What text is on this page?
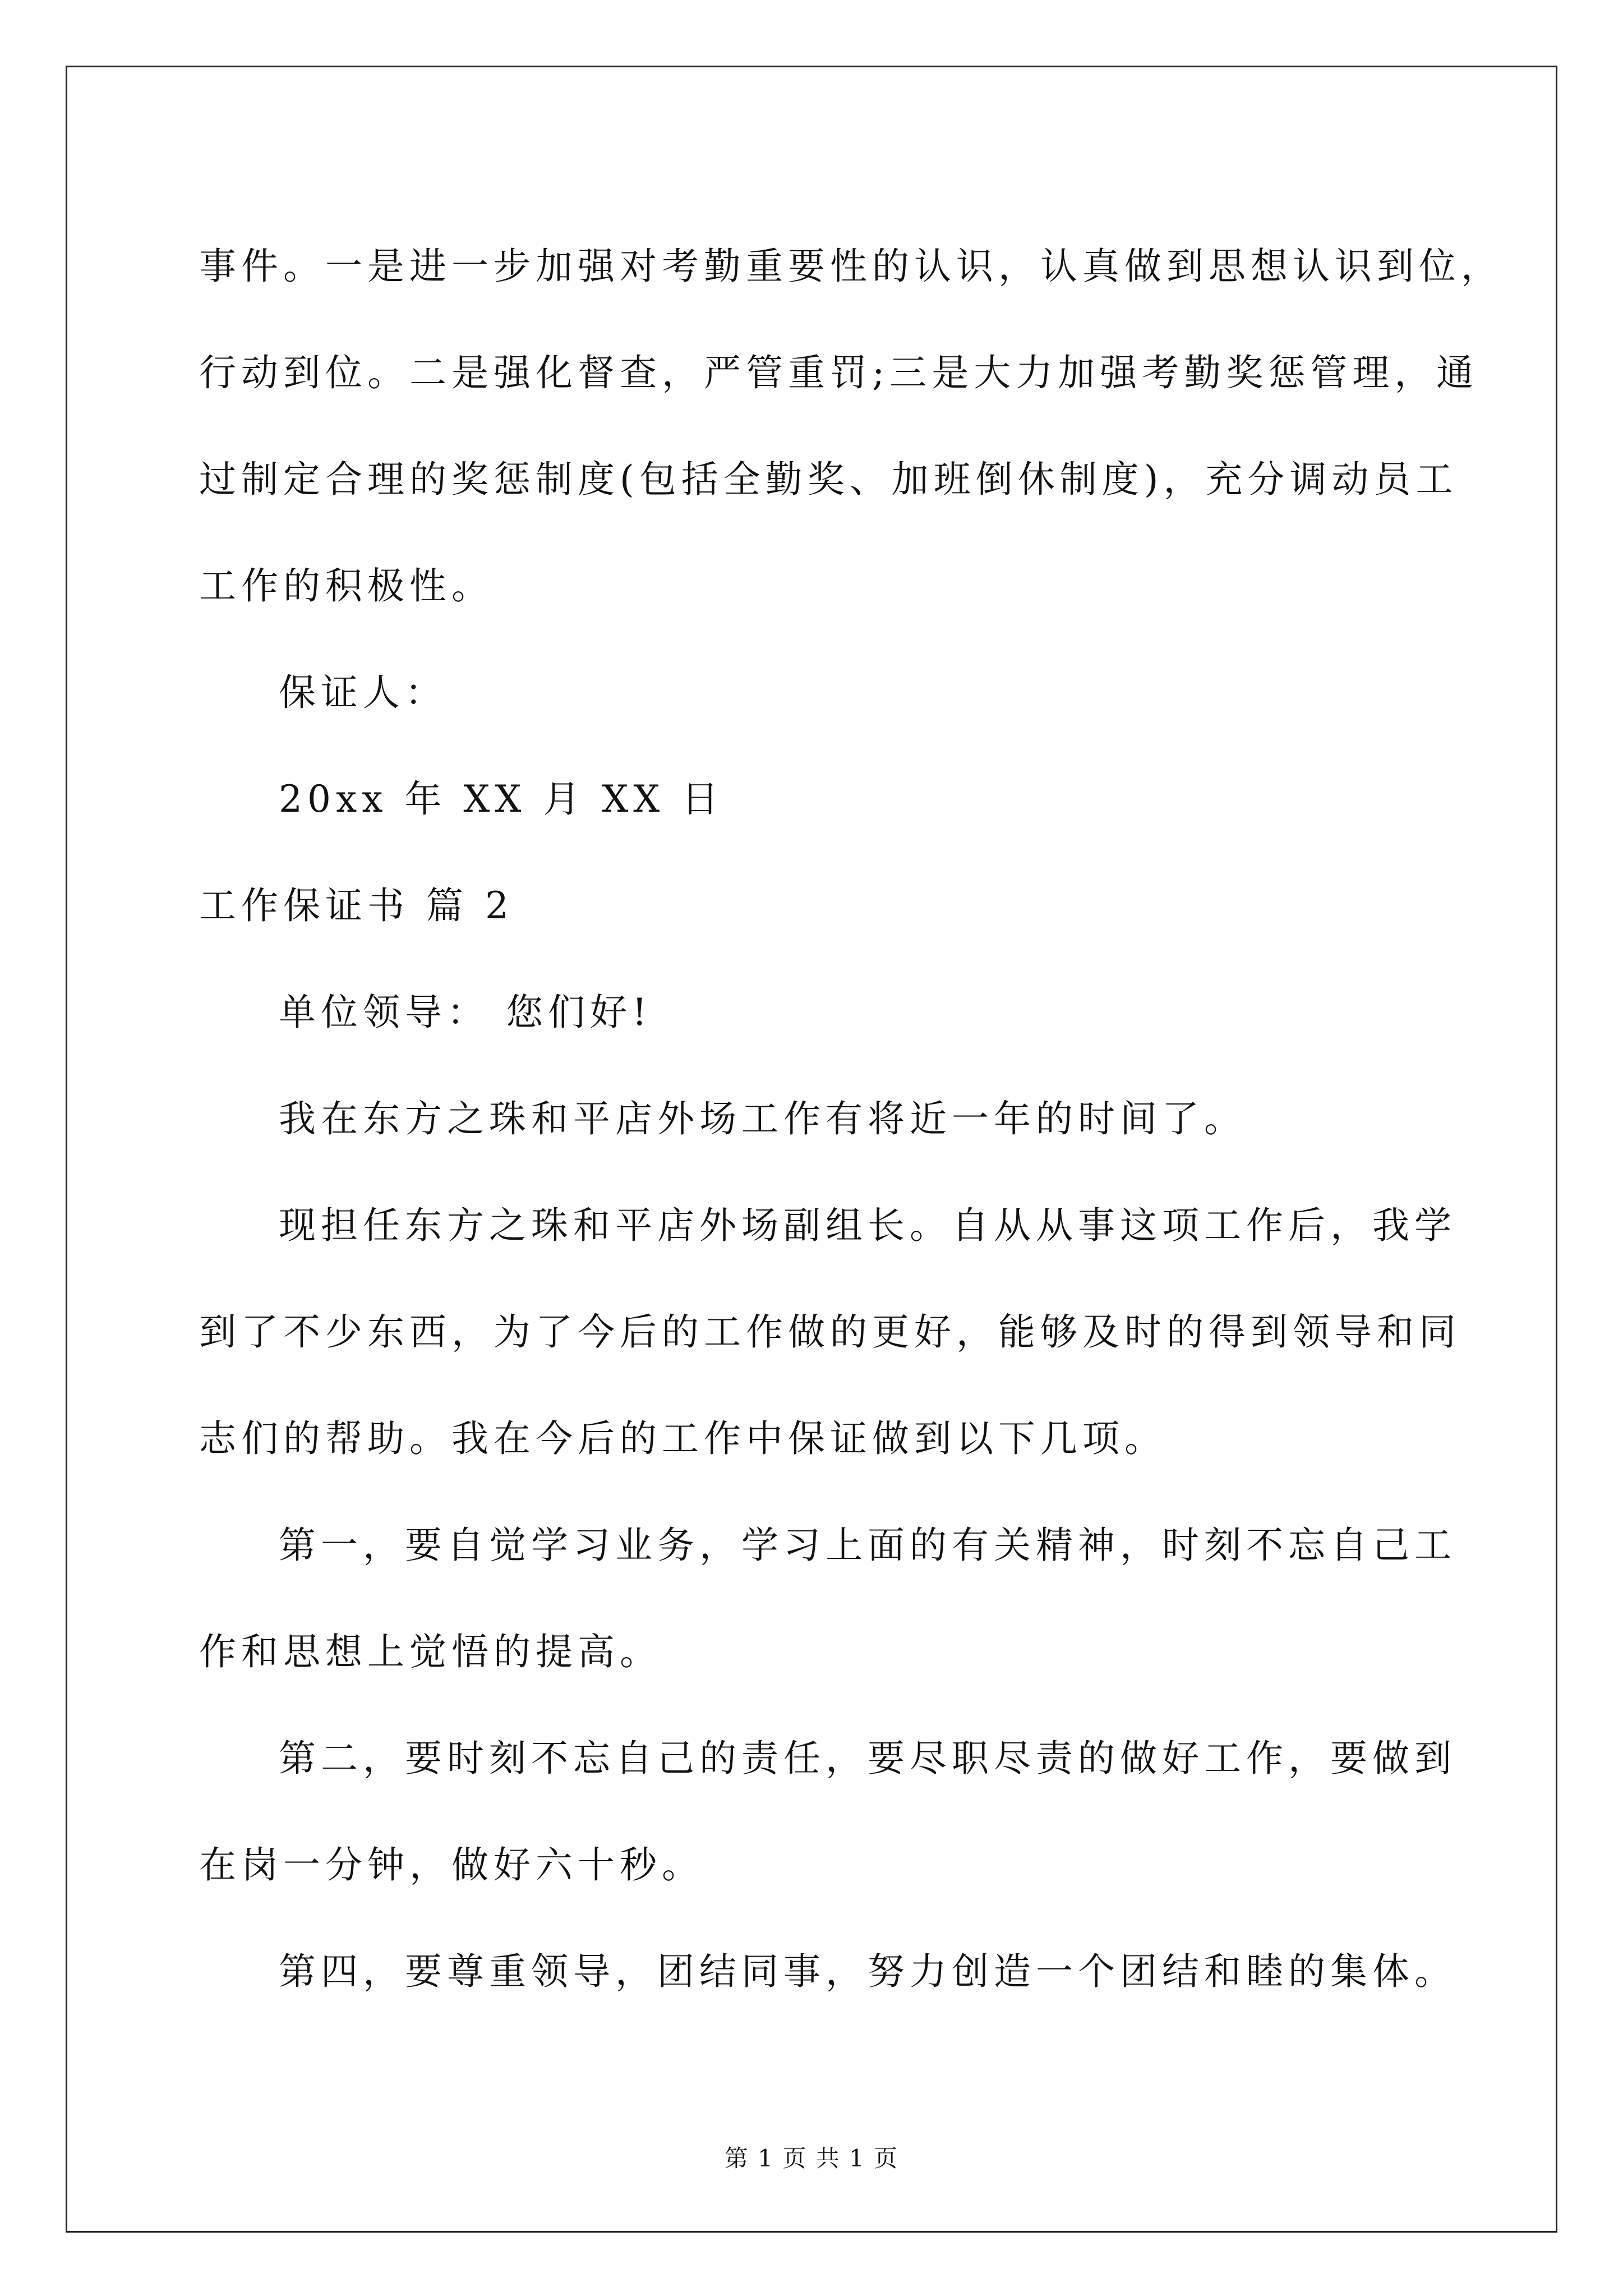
事件。一是进一步加强对考勤重要性的认识，认真做到思想认识到位，
行动到位。二是强化督查，严管重罚;三是大力加强考勤奖惩管理，通
过制定合理的奖惩制度(包括全勤奖、加班倒休制度)，充分调动员工
工作的积极性。
保证人：
20xx 年 XX 月 XX 日
工作保证书 篇 2
单位领导： 您们好!
我在东方之珠和平店外场工作有将近一年的时间了。
现担任东方之珠和平店外场副组长。自从从事这项工作后，我学
到了不少东西，为了今后的工作做的更好，能够及时的得到领导和同
志们的帮助。我在今后的工作中保证做到以下几项。
第一，要自觉学习业务，学习上面的有关精神，时刻不忘自己工
作和思想上觉悟的提高。
第二，要时刻不忘自己的责任，要尽职尽责的做好工作，要做到
在岗一分钟，做好六十秒。
第四，要尊重领导，团结同事，努力创造一个团结和睦的集体。
第 1 页 共 1 页
